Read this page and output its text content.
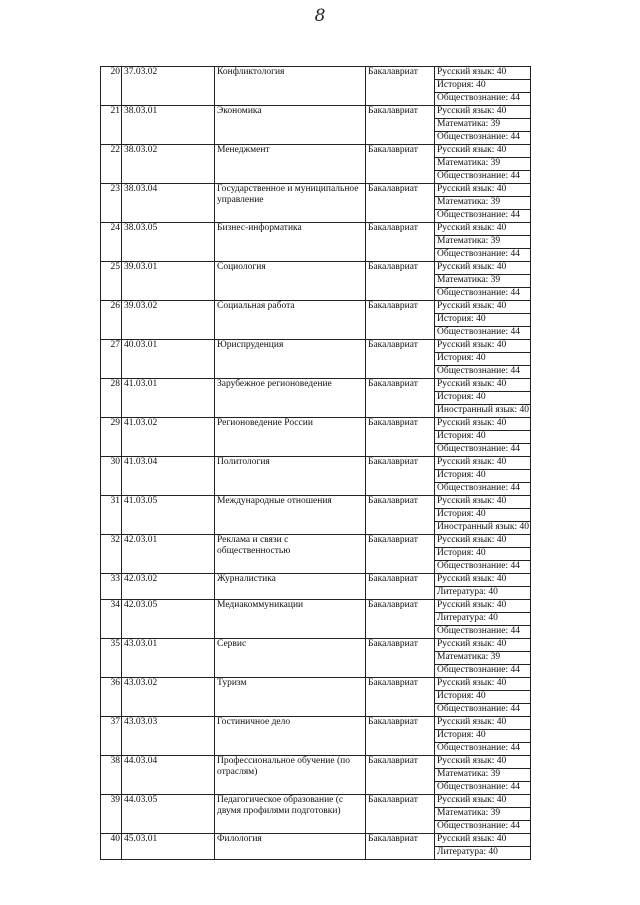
8
20	37.03.02	Конфликтология	Бакалавриат	Русский язык: 40
				История: 40
				Обществознание: 44
21	38.03.01	Экономика	Бакалавриат	Русский язык: 40
				Математика: 39
				Обществознание: 44
22	38.03.02	Менеджмент	Бакалавриат	Русский язык: 40
				Математика: 39
				Обществознание: 44
23	38.03.04	Государственное и муниципальное управление	Бакалавриат	Русский язык: 40
				Математика: 39
				Обществознание: 44
24	38.03.05	Бизнес-информатика	Бакалавриат	Русский язык: 40
				Математика: 39
				Обществознание: 44
25	39.03.01	Социология	Бакалавриат	Русский язык: 40
				Математика: 39
				Обществознание: 44
26	39.03.02	Социальная работа	Бакалавриат	Русский язык: 40
				История: 40
				Обществознание: 44
27	40.03.01	Юриспруденция	Бакалавриат	Русский язык: 40
				История: 40
				Обществознание: 44
28	41.03.01	Зарубежное регионоведение	Бакалавриат	Русский язык: 40
				История: 40
				Иностранный язык: 40
29	41.03.02	Регионоведение России	Бакалавриат	Русский язык: 40
				История: 40
				Обществознание: 44
30	41.03.04	Политология	Бакалавриат	Русский язык: 40
				История: 40
				Обществознание: 44
31	41.03.05	Международные отношения	Бакалавриат	Русский язык: 40
				История: 40
				Иностранный язык: 40
32	42.03.01	Реклама и связи с общественностью	Бакалавриат	Русский язык: 40
				История: 40
				Обществознание: 44
33	42.03.02	Журналистика	Бакалавриат	Русский язык: 40
				Литература: 40
34	42.03.05	Медиакоммуникации	Бакалавриат	Русский язык: 40
				Литература: 40
				Обществознание: 44
35	43.03.01	Сервис	Бакалавриат	Русский язык: 40
				Математика: 39
				Обществознание: 44
36	43.03.02	Туризм	Бакалавриат	Русский язык: 40
				История: 40
				Обществознание: 44
37	43.03.03	Гостиничное дело	Бакалавриат	Русский язык: 40
				История: 40
				Обществознание: 44
38	44.03.04	Профессиональное обучение (по отраслям)	Бакалавриат	Русский язык: 40
				Математика: 39
				Обществознание: 44
39	44.03.05	Педагогическое образование (с двумя профилями подготовки)	Бакалавриат	Русский язык: 40
				Математика: 39
				Обществознание: 44
40	45.03.01	Филология	Бакалавриат	Русский язык: 40
				Литература: 40
